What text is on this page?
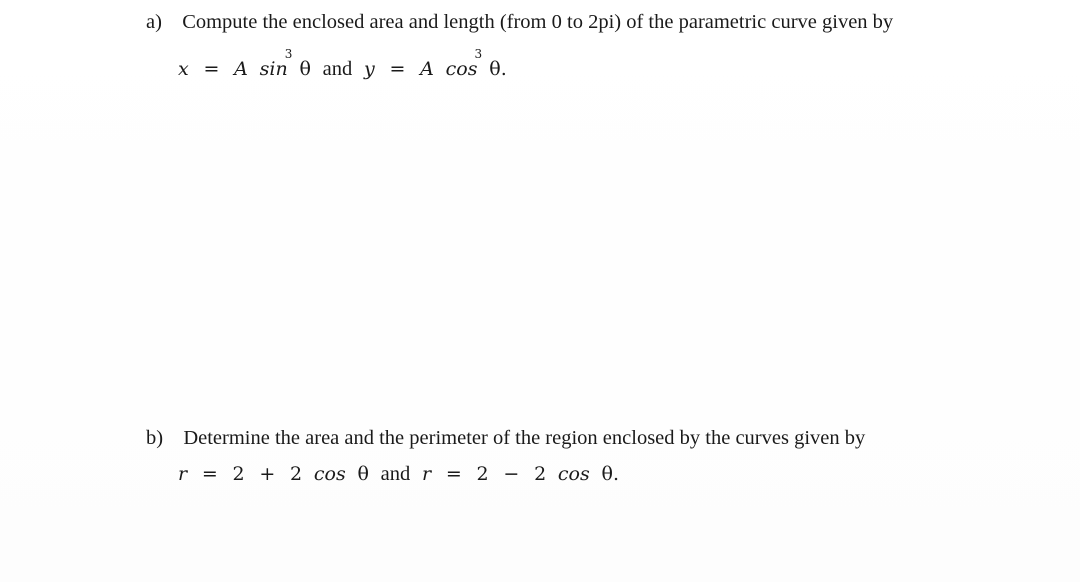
a) Compute the enclosed area and length (from 0 to 2pi) of the parametric curve given by
x = A sin
3
θ and y = A cos
3
θ.
b) Determine the area and the perimeter of the region enclosed by the curves given by
r = 2 + 2 cos θ and r = 2 − 2 cos θ.
